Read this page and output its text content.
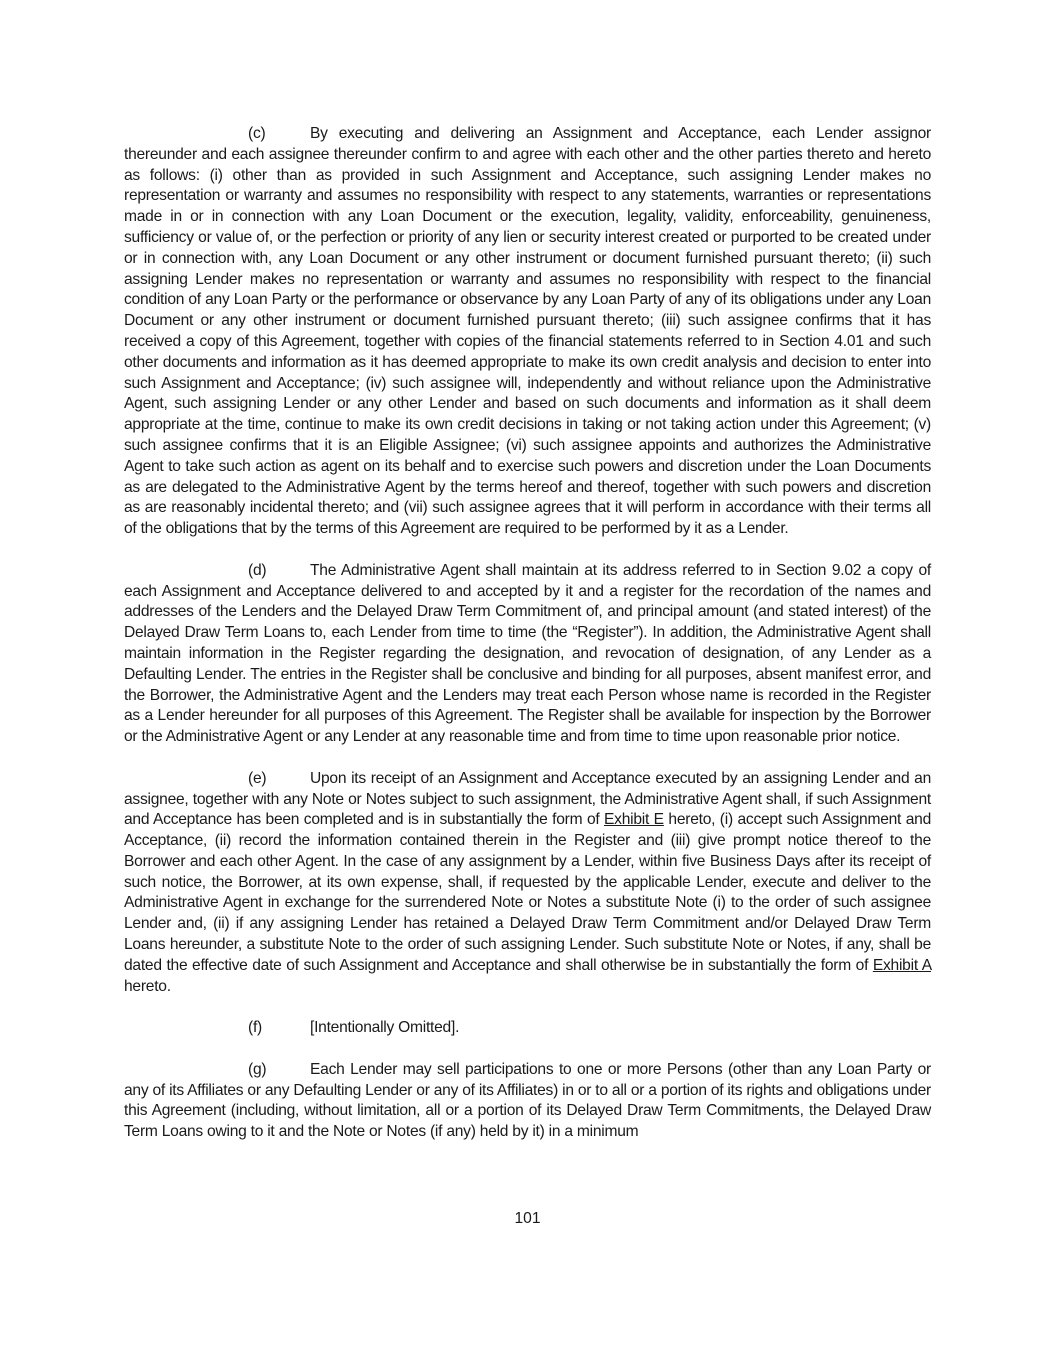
(c)	By executing and delivering an Assignment and Acceptance, each Lender assignor thereunder and each assignee thereunder confirm to and agree with each other and the other parties thereto and hereto as follows: (i) other than as provided in such Assignment and Acceptance, such assigning Lender makes no representation or warranty and assumes no responsibility with respect to any statements, warranties or representations made in or in connection with any Loan Document or the execution, legality, validity, enforceability, genuineness, sufficiency or value of, or the perfection or priority of any lien or security interest created or purported to be created under or in connection with, any Loan Document or any other instrument or document furnished pursuant thereto; (ii) such assigning Lender makes no representation or warranty and assumes no responsibility with respect to the financial condition of any Loan Party or the performance or observance by any Loan Party of any of its obligations under any Loan Document or any other instrument or document furnished pursuant thereto; (iii) such assignee confirms that it has received a copy of this Agreement, together with copies of the financial statements referred to in Section 4.01 and such other documents and information as it has deemed appropriate to make its own credit analysis and decision to enter into such Assignment and Acceptance; (iv) such assignee will, independently and without reliance upon the Administrative Agent, such assigning Lender or any other Lender and based on such documents and information as it shall deem appropriate at the time, continue to make its own credit decisions in taking or not taking action under this Agreement; (v) such assignee confirms that it is an Eligible Assignee; (vi) such assignee appoints and authorizes the Administrative Agent to take such action as agent on its behalf and to exercise such powers and discretion under the Loan Documents as are delegated to the Administrative Agent by the terms hereof and thereof, together with such powers and discretion as are reasonably incidental thereto; and (vii) such assignee agrees that it will perform in accordance with their terms all of the obligations that by the terms of this Agreement are required to be performed by it as a Lender.

(d)	The Administrative Agent shall maintain at its address referred to in Section 9.02 a copy of each Assignment and Acceptance delivered to and accepted by it and a register for the recordation of the names and addresses of the Lenders and the Delayed Draw Term Commitment of, and principal amount (and stated interest) of the Delayed Draw Term Loans to, each Lender from time to time (the “Register”). In addition, the Administrative Agent shall maintain information in the Register regarding the designation, and revocation of designation, of any Lender as a Defaulting Lender. The entries in the Register shall be conclusive and binding for all purposes, absent manifest error, and the Borrower, the Administrative Agent and the Lenders may treat each Person whose name is recorded in the Register as a Lender hereunder for all purposes of this Agreement. The Register shall be available for inspection by the Borrower or the Administrative Agent or any Lender at any reasonable time and from time to time upon reasonable prior notice.

(e)	Upon its receipt of an Assignment and Acceptance executed by an assigning Lender and an assignee, together with any Note or Notes subject to such assignment, the Administrative Agent shall, if such Assignment and Acceptance has been completed and is in substantially the form of Exhibit E hereto, (i) accept such Assignment and Acceptance, (ii) record the information contained therein in the Register and (iii) give prompt notice thereof to the Borrower and each other Agent. In the case of any assignment by a Lender, within five Business Days after its receipt of such notice, the Borrower, at its own expense, shall, if requested by the applicable Lender, execute and deliver to the Administrative Agent in exchange for the surrendered Note or Notes a substitute Note (i) to the order of such assignee Lender and, (ii) if any assigning Lender has retained a Delayed Draw Term Commitment and/or Delayed Draw Term Loans hereunder, a substitute Note to the order of such assigning Lender. Such substitute Note or Notes, if any, shall be dated the effective date of such Assignment and Acceptance and shall otherwise be in substantially the form of Exhibit A hereto.

(f)	[Intentionally Omitted].

(g)	Each Lender may sell participations to one or more Persons (other than any Loan Party or any of its Affiliates or any Defaulting Lender or any of its Affiliates) in or to all or a portion of its rights and obligations under this Agreement (including, without limitation, all or a portion of its Delayed Draw Term Commitments, the Delayed Draw Term Loans owing to it and the Note or Notes (if any) held by it) in a minimum

101
